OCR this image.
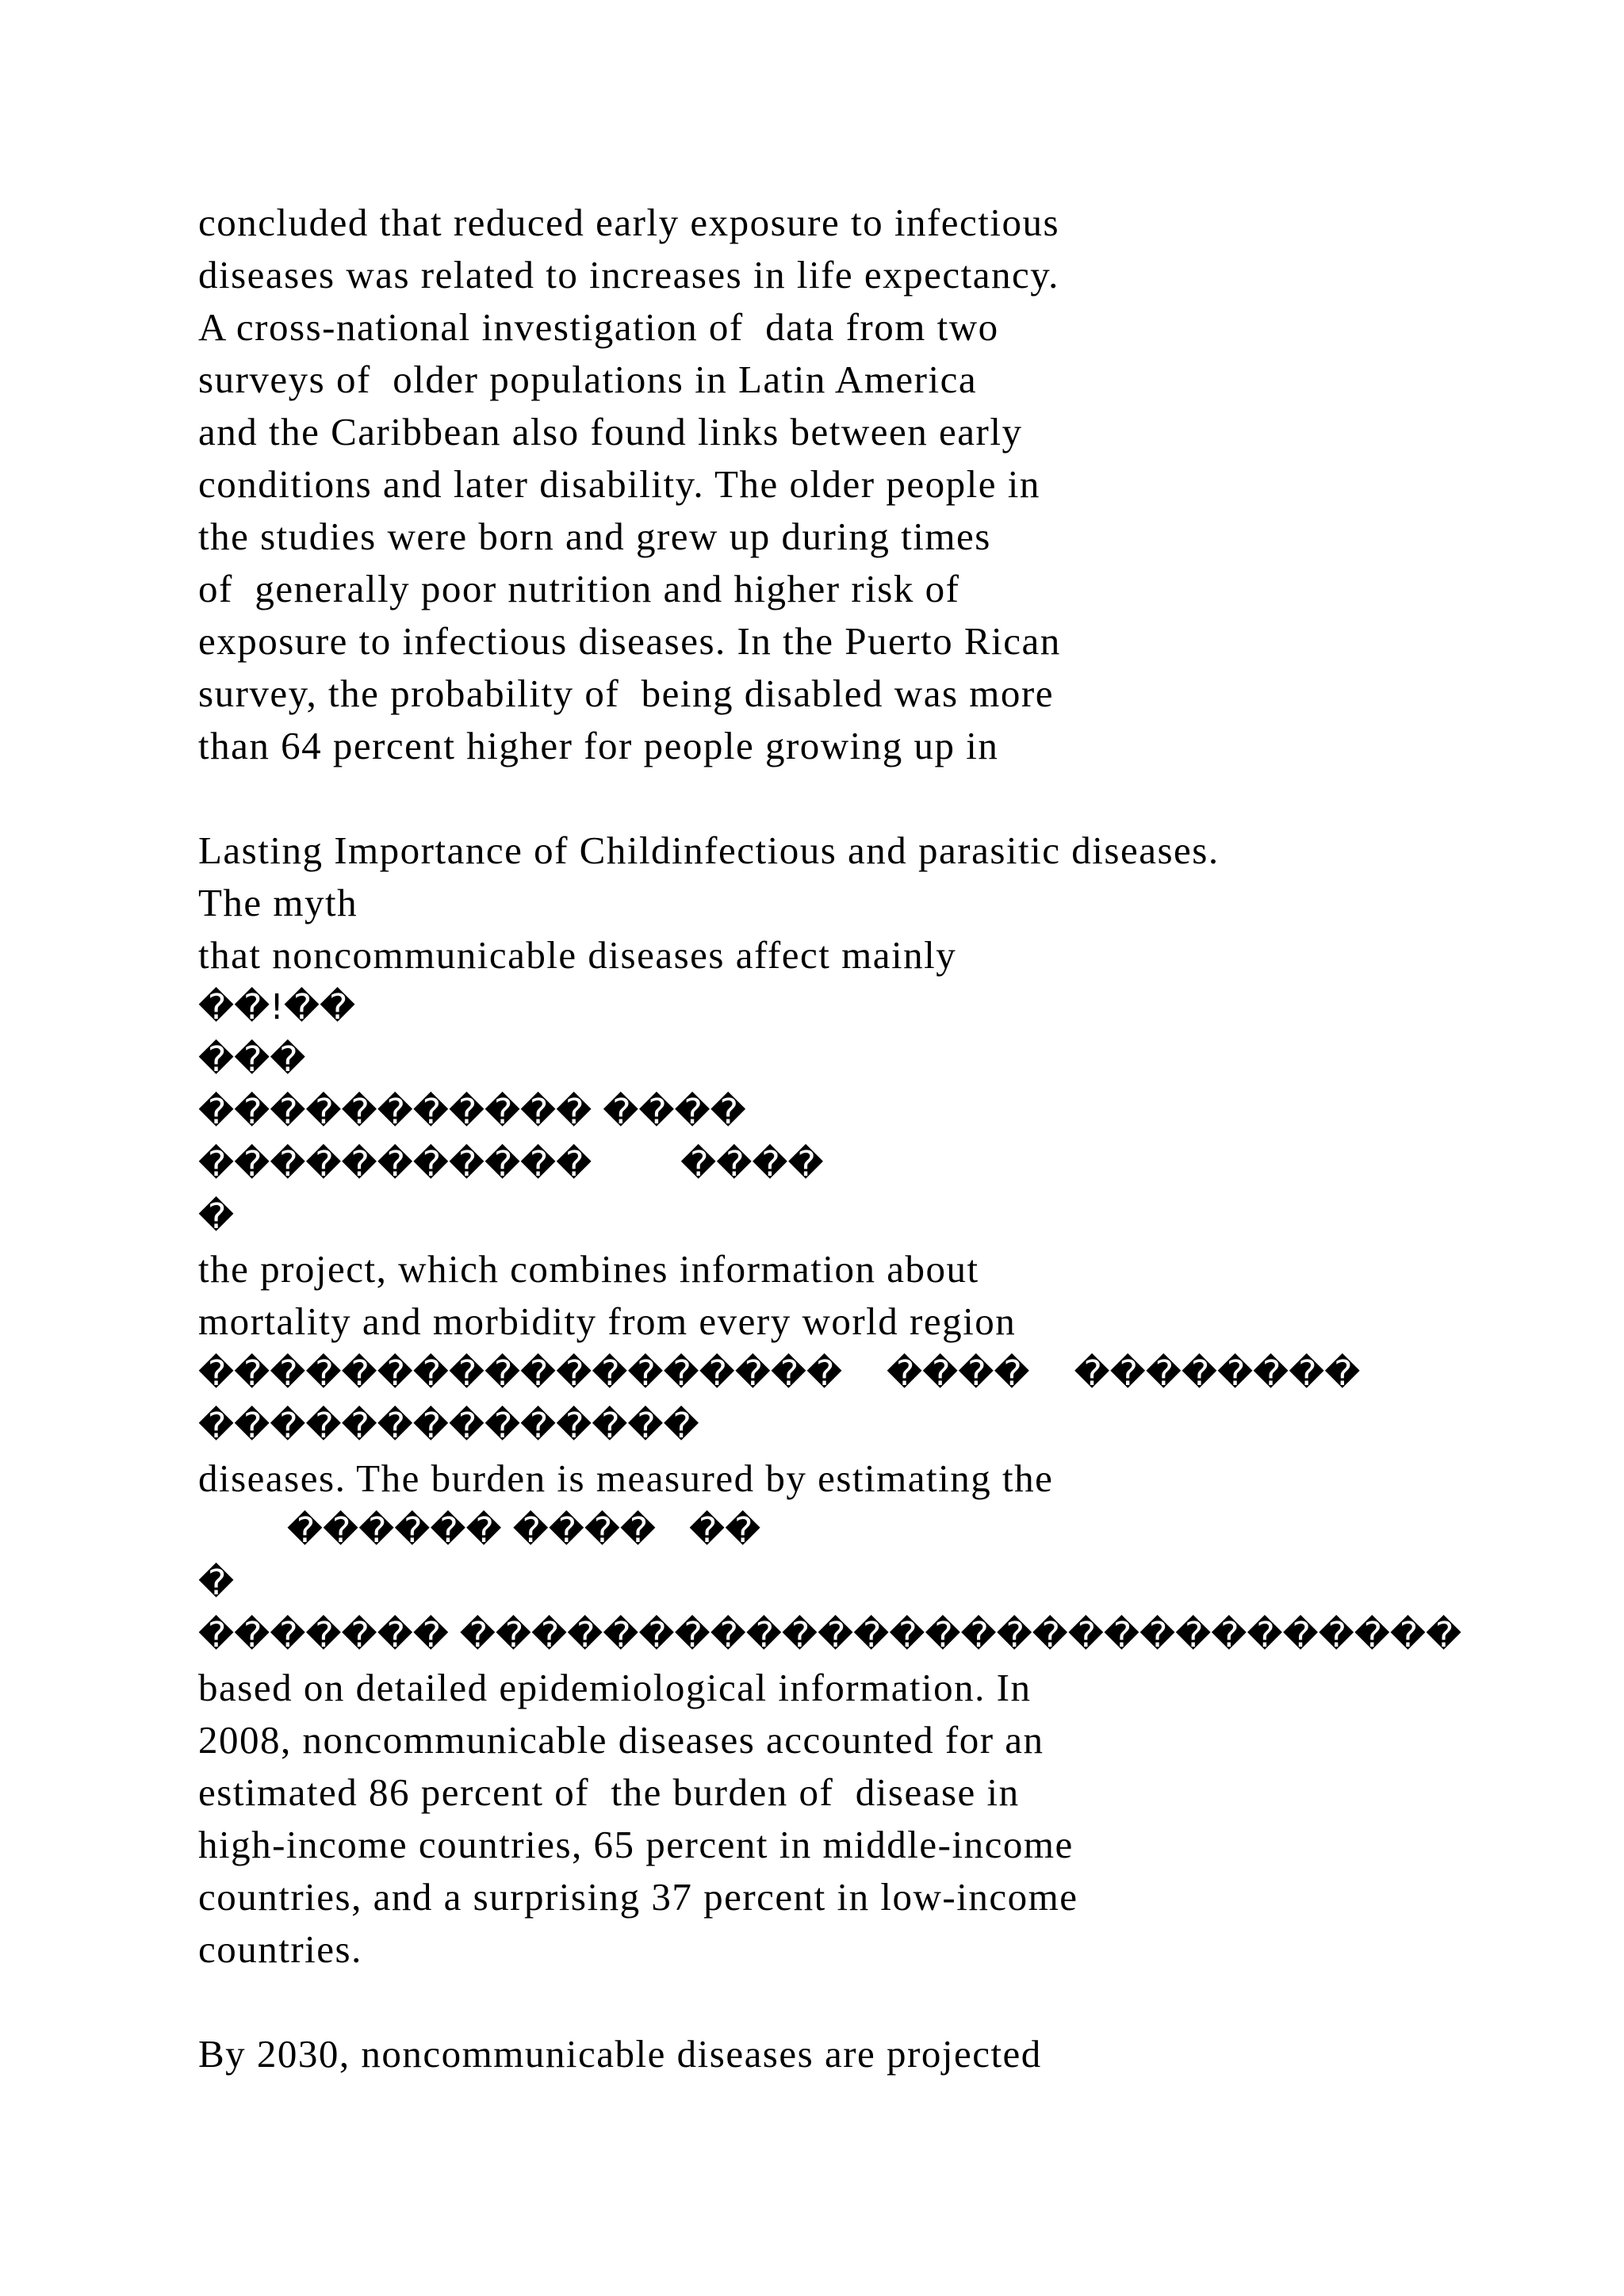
concluded that reduced early exposure to infectious
diseases was related to increases in life expectancy.
A cross-national investigation of  data from two
surveys of  older populations in Latin America
and the Caribbean also found links between early
conditions and later disability. The older people in
the studies were born and grew up during times
of  generally poor nutrition and higher risk of
exposure to infectious diseases. In the Puerto Rican
survey, the probability of  being disabled was more
than 64 percent higher for people growing up in
Lasting Importance of Childinfectious and parasitic diseases.
The myth
that noncommunicable diseases affect mainly
��!��
���
����������� ����
�����������        ����
�
the project, which combines information about
mortality and morbidity from every world region
������������������    ����    ��������
��������������
diseases. The burden is measured by estimating the
������ ����   ��
�
������� ����������������������������
based on detailed epidemiological information. In
2008, noncommunicable diseases accounted for an
estimated 86 percent of  the burden of  disease in
high-income countries, 65 percent in middle-income
countries, and a surprising 37 percent in low-income
countries.
By 2030, noncommunicable diseases are projected
